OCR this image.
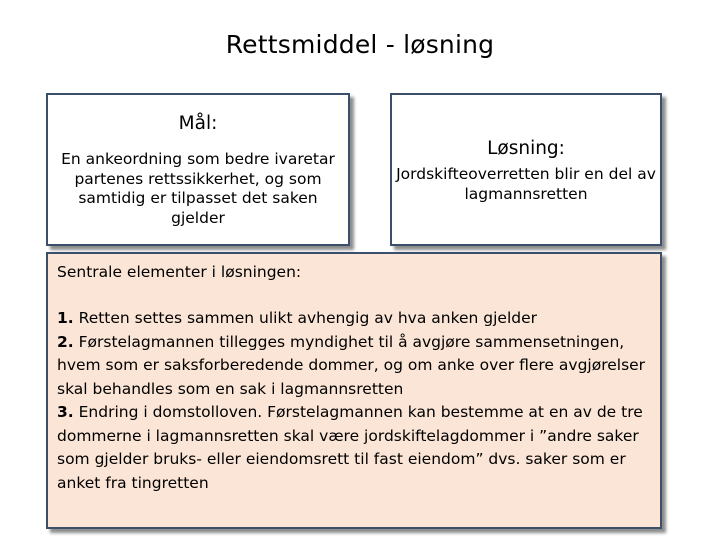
Rettsmiddel - løsning
Mål:
En ankeordning som bedre ivaretar partenes rettssikkerhet, og som samtidig er tilpasset det saken gjelder
Løsning:
Jordskifteoverretten blir en del av lagmannsretten
Sentrale elementer i løsningen:

1. Retten settes sammen ulikt avhengig av hva anken gjelder

2. Førstelagmannen tillegges myndighet til å avgjøre sammensetningen, hvem som er saksforberedende dommer, og om anke over flere avgjørelser skal behandles som en sak i lagmannsretten

3. Endring i domstolloven. Førstelagmannen kan bestemme at en av de tre dommerne i lagmannsretten skal være jordskiftelagdommer i ”andre saker som gjelder bruks- eller eiendomsrett til fast eiendom” dvs. saker som er anket fra tingretten
